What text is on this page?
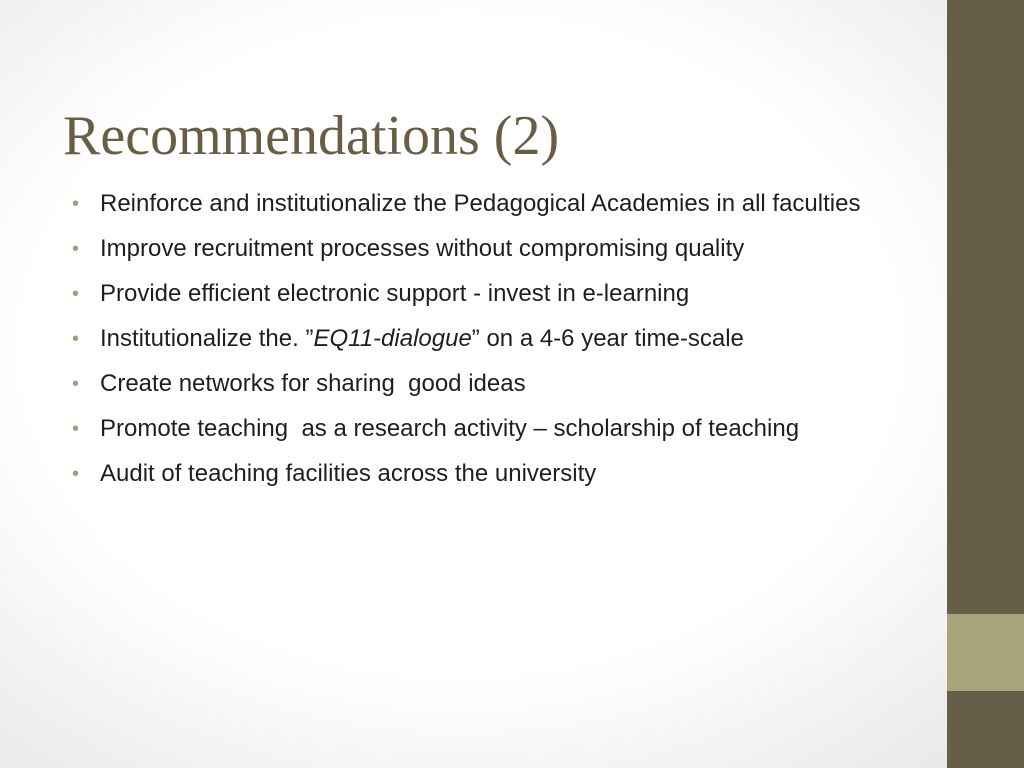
Recommendations (2)
• Reinforce and institutionalize the Pedagogical Academies in all faculties
• Improve recruitment processes without compromising quality
• Provide efficient electronic support - invest in e-learning
• Institutionalize the. ”EQ11-dialogue” on a 4-6 year time-scale
• Create networks for sharing  good ideas
• Promote teaching  as a research activity – scholarship of teaching
• Audit of teaching facilities across the university
